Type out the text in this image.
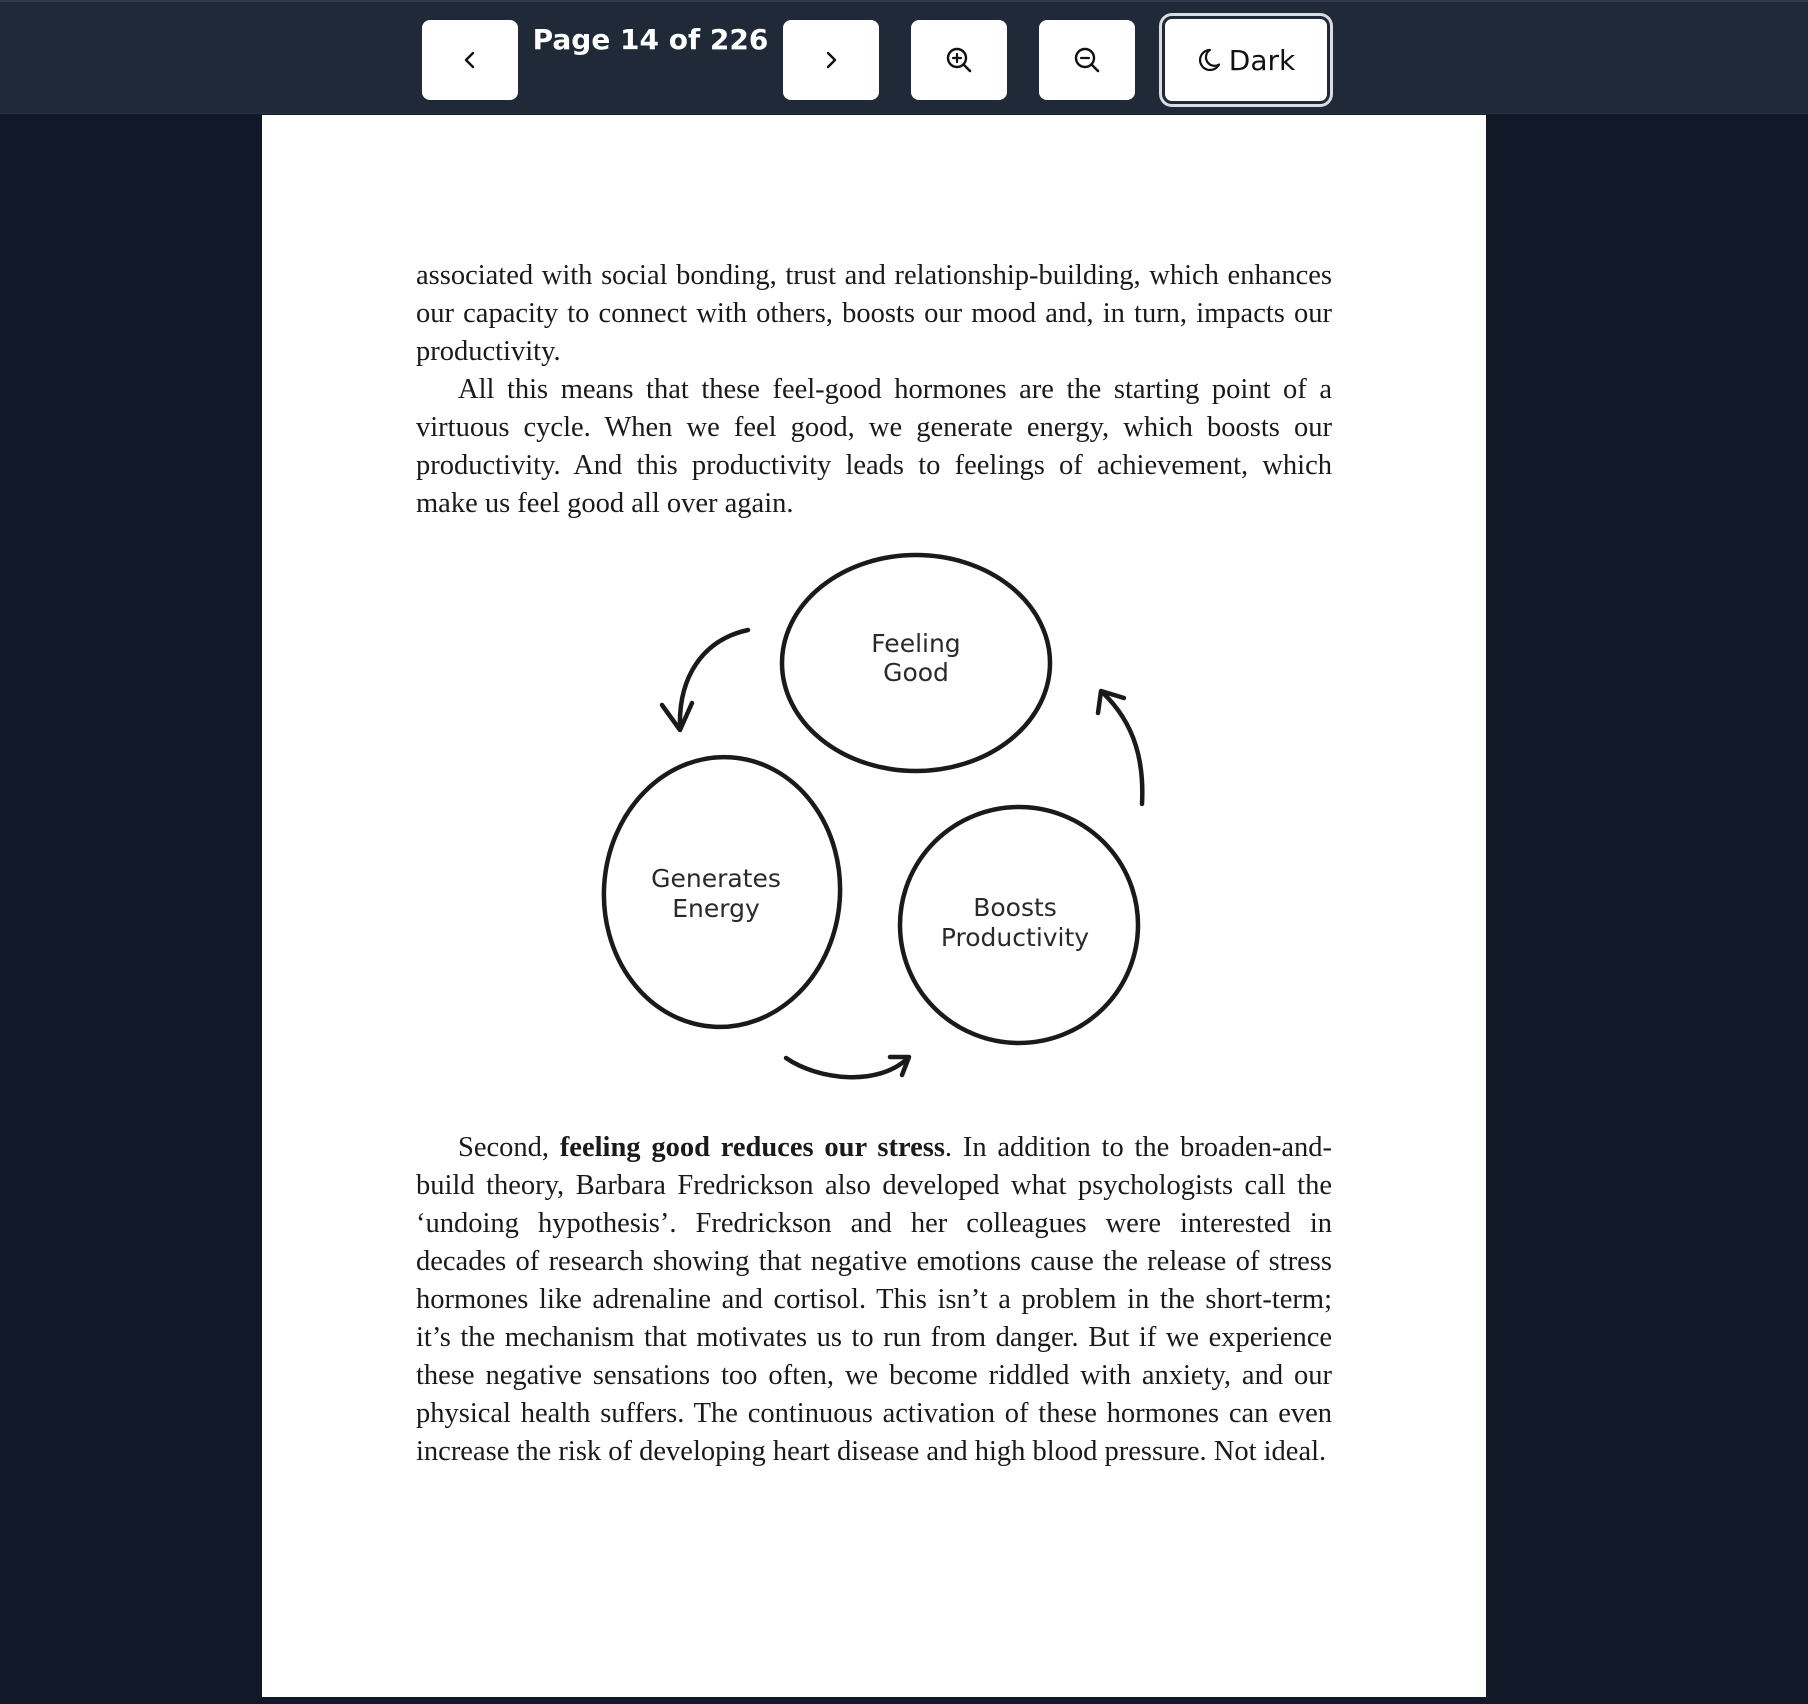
Page 14 of 226
Dark

associated with social bonding, trust and relationship-building, which enhances our capacity to connect with others, boosts our mood and, in turn, impacts our productivity.

All this means that these feel-good hormones are the starting point of a virtuous cycle. When we feel good, we generate energy, which boosts our productivity. And this productivity leads to feelings of achievement, which make us feel good all over again.

Feeling
Good
Generates
Energy	Boosts
Productivity

Second, feeling good reduces our stress. In addition to the broaden-and-build theory, Barbara Fredrickson also developed what psychologists call the ‘undoing hypothesis’. Fredrickson and her colleagues were interested in decades of research showing that negative emotions cause the release of stress hormones like adrenaline and cortisol. This isn’t a problem in the short-term; it’s the mechanism that motivates us to run from danger. But if we experience these negative sensations too often, we become riddled with anxiety, and our physical health suffers. The continuous activation of these hormones can even increase the risk of developing heart disease and high blood pressure. Not ideal.
